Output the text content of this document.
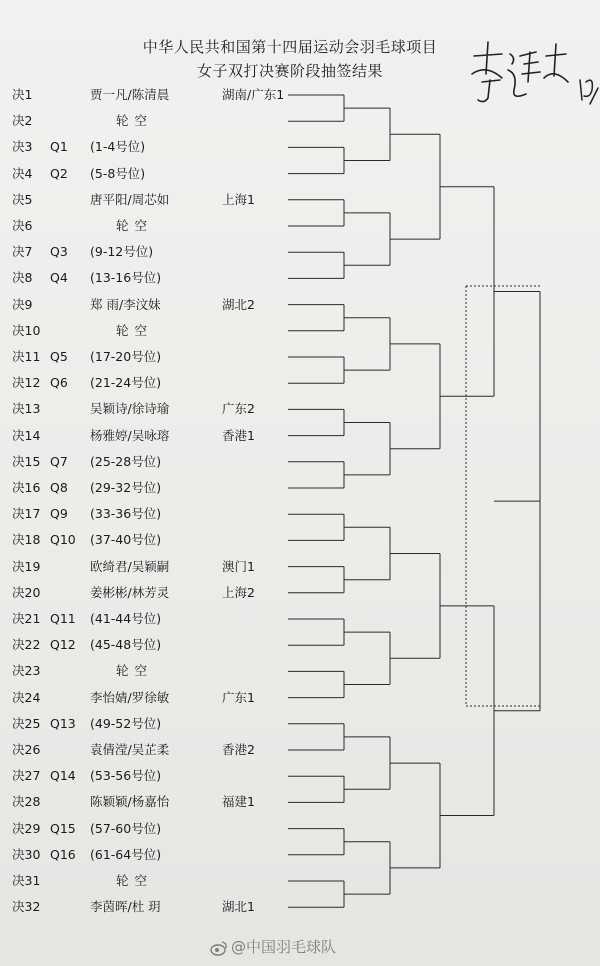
中华人民共和国第十四届运动会羽毛球项目
女子双打决赛阶段抽签结果
决1	贾一凡/陈清晨	湖南/广东1
决2	轮空
决3 Q1 (1-4号位)
决4 Q2 (5-8号位)
决5	唐平阳/周芯如	上海1
决6	轮空
决7 Q3 (9-12号位)
决8 Q4 (13-16号位)
决9	郑 雨/李汶妹	湖北2
决10	轮空
决11 Q5 (17-20号位)
决12 Q6 (21-24号位)
决13	吴颖诗/徐诗瑜	广东2
决14	杨雅婷/吴咏瑢	香港1
决15 Q7 (25-28号位)
决16 Q8 (29-32号位)
决17 Q9 (33-36号位)
决18 Q10 (37-40号位)
决19	欧绮君/吴颖嗣	澳门1
决20	姜彬彬/林芳灵	上海2
决21 Q11 (41-44号位)
决22 Q12 (45-48号位)
决23	轮空
决24	李怡婧/罗徐敏	广东1
决25 Q13 (49-52号位)
决26	袁倩滢/吴芷柔	香港2
决27 Q14 (53-56号位)
决28	陈颖颖/杨嘉怡	福建1
决29 Q15 (57-60号位)
决30 Q16 (61-64号位)
决31	轮空
决32	李茵晖/杜 玥	湖北1
@中国羽毛球队
